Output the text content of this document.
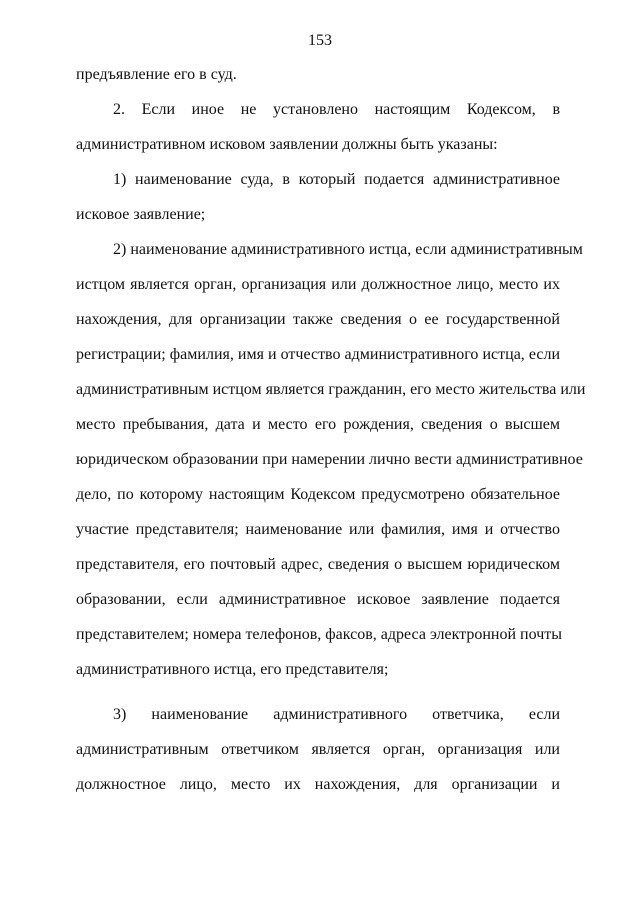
153
предъявление его в суд.
2. Если иное не установлено настоящим Кодексом, в
административном исковом заявлении должны быть указаны:
1) наименование суда, в который подается административное
исковое заявление;
2) наименование административного истца, если административным
истцом является орган, организация или должностное лицо, место их
нахождения, для организации также сведения о ее государственной
регистрации; фамилия, имя и отчество административного истца, если
административным истцом является гражданин, его место жительства или
место пребывания, дата и место его рождения, сведения о высшем
юридическом образовании при намерении лично вести административное
дело, по которому настоящим Кодексом предусмотрено обязательное
участие представителя; наименование или фамилия, имя и отчество
представителя, его почтовый адрес, сведения о высшем юридическом
образовании, если административное исковое заявление подается
представителем; номера телефонов, факсов, адреса электронной почты
административного истца, его представителя;
3) наименование административного ответчика, если
административным ответчиком является орган, организация или
должностное лицо, место их нахождения, для организации и
